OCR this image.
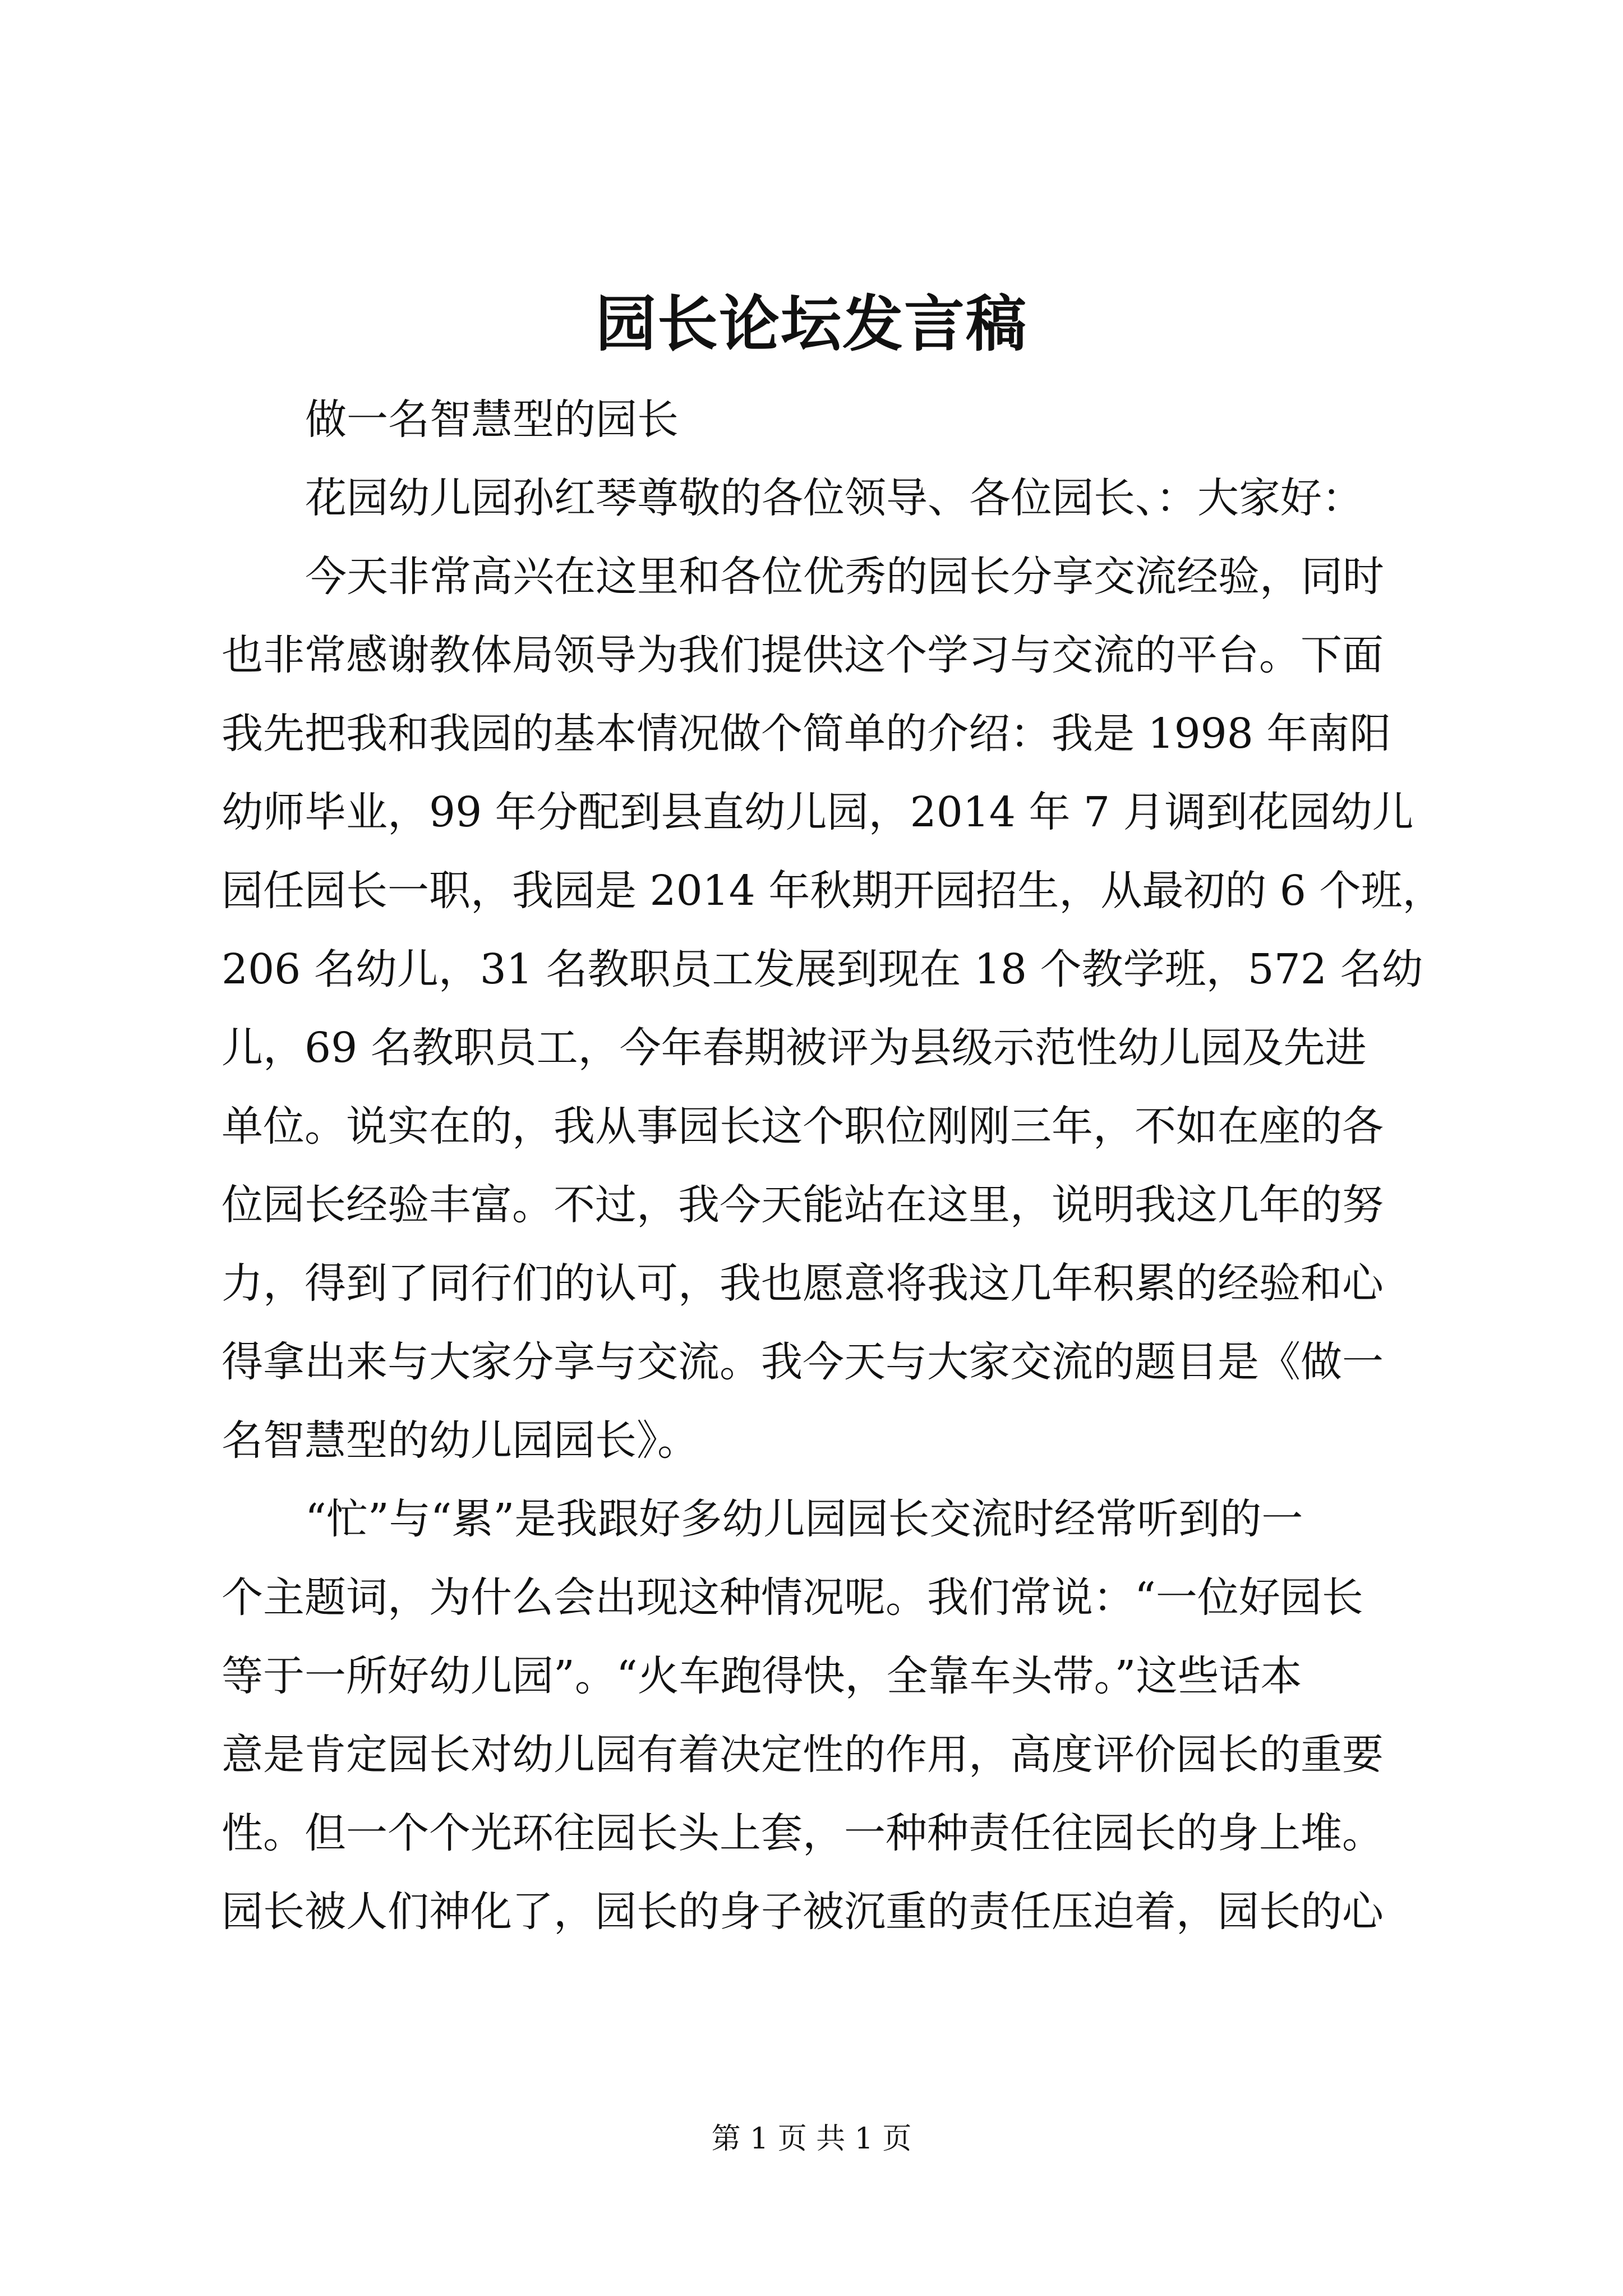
园长论坛发言稿
做一名智慧型的园长
花园幼儿园孙红琴尊敬的各位领导、各位园长、：大家好：
今天非常高兴在这里和各位优秀的园长分享交流经验，同时
也非常感谢教体局领导为我们提供这个学习与交流的平台。下面
我先把我和我园的基本情况做个简单的介绍：我是 1998 年南阳
幼师毕业，99 年分配到县直幼儿园，2014 年 7 月调到花园幼儿
园任园长一职，我园是 2014 年秋期开园招生，从最初的 6 个班，
206 名幼儿，31 名教职员工发展到现在 18 个教学班，572 名幼
儿，69 名教职员工，今年春期被评为县级示范性幼儿园及先进
单位。说实在的，我从事园长这个职位刚刚三年，不如在座的各
位园长经验丰富。不过，我今天能站在这里，说明我这几年的努
力，得到了同行们的认可，我也愿意将我这几年积累的经验和心
得拿出来与大家分享与交流。我今天与大家交流的题目是《做一
名智慧型的幼儿园园长》。
“忙”与“累”是我跟好多幼儿园园长交流时经常听到的一
个主题词，为什么会出现这种情况呢。我们常说：“一位好园长
等于一所好幼儿园”。“火车跑得快，全靠车头带。”这些话本
意是肯定园长对幼儿园有着决定性的作用，高度评价园长的重要
性。但一个个光环往园长头上套，一种种责任往园长的身上堆。
园长被人们神化了，园长的身子被沉重的责任压迫着，园长的心
第 1 页 共 1 页
